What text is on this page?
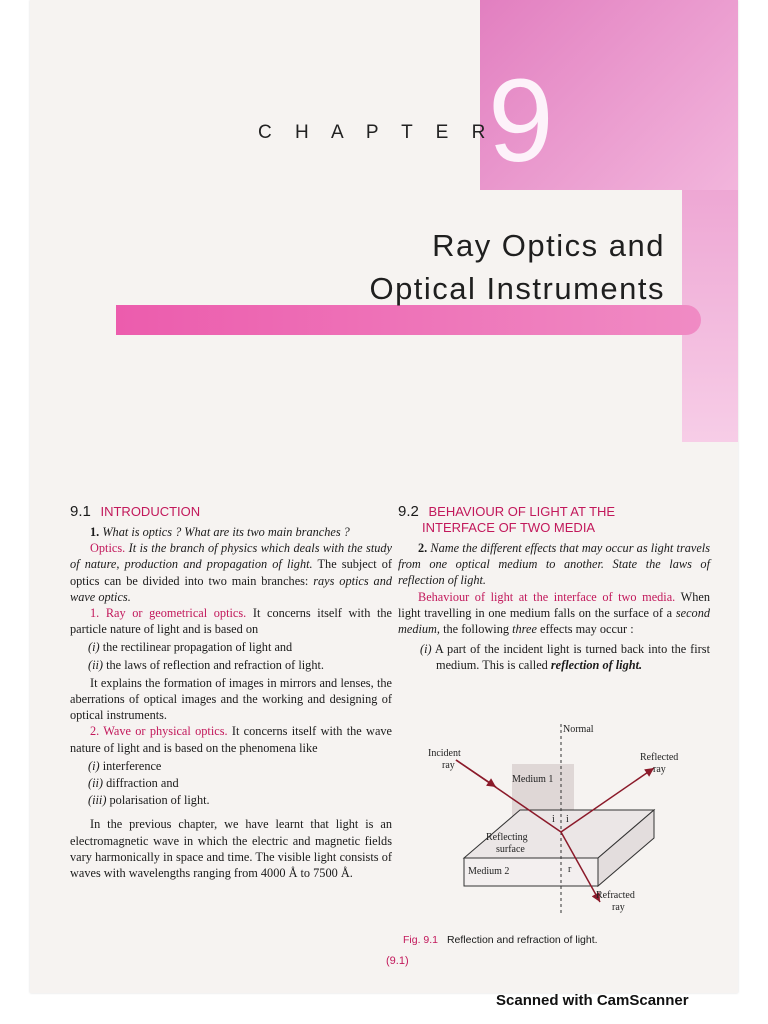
9
C H A P T E R
Ray Optics and
Optical Instruments
9.1 INTRODUCTION

1. What is optics ? What are its two main branches ?

Optics. It is the branch of physics which deals with the study of nature, production and propagation of light. The subject of optics can be divided into two main branches: rays optics and wave optics.

1. Ray or geometrical optics. It concerns itself with the particle nature of light and is based on

(i) the rectilinear propagation of light and
(ii) the laws of reflection and refraction of light.

It explains the formation of images in mirrors and lenses, the aberrations of optical images and the working and designing of optical instruments.

2. Wave or physical optics. It concerns itself with the wave nature of light and is based on the phenomena like

(i) interference
(ii) diffraction and
(iii) polarisation of light.

In the previous chapter, we have learnt that light is an electromagnetic wave in which the electric and magnetic fields vary harmonically in space and time. The visible light consists of waves with wavelengths ranging from 4000 Å to 7500 Å.

9.2 BEHAVIOUR OF LIGHT AT THE
INTERFACE OF TWO MEDIA

2. Name the different effects that may occur as light travels from one optical medium to another. State the laws of reflection of light.

Behaviour of light at the interface of two media. When light travelling in one medium falls on the surface of a second medium, the following three effects may occur :

(i) A part of the incident light is turned back into the first medium. This is called reflection of light.

Normal
Incident
ray
Reflected
ray
Medium 1
i i
Reflecting
surface
Medium 2	r
Refracted
ray
Fig. 9.1 Reflection and refraction of light.
(9.1)
Scanned with CamScanner
